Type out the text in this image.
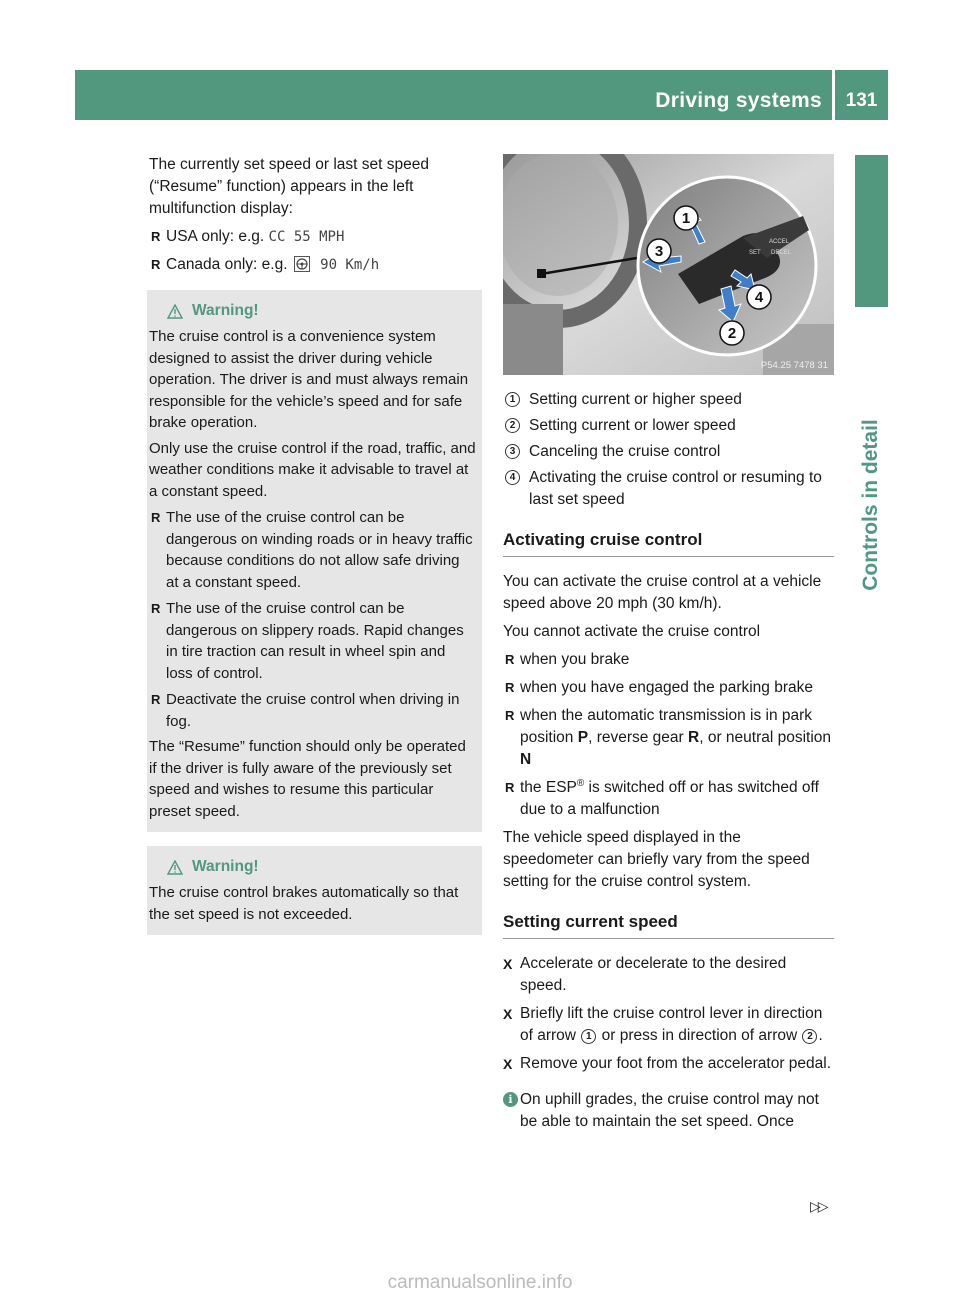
Driving systems	131
Controls in detail

The currently set speed or last set speed (“Resume” function) appears in the left multifunction display:

R USA only: e.g. CC 55 MPH
R Canada only: e.g. 90 Km/h
Warning!

The cruise control is a convenience system designed to assist the driver during vehicle operation. The driver is and must always remain responsible for the vehicle’s speed and for safe brake operation.

Only use the cruise control if the road, traffic, and weather conditions make it advisable to travel at a constant speed.

R The use of the cruise control can be dangerous on winding roads or in heavy traffic because conditions do not allow safe driving at a constant speed.
R The use of the cruise control can be dangerous on slippery roads. Rapid changes in tire traction can result in wheel spin and loss of control.
R Deactivate the cruise control when driving in fog.

The “Resume” function should only be operated if the driver is fully aware of the previously set speed and wishes to resume this particular preset speed.

Warning!

The cruise control brakes automatically so that the set speed is not exceeded.

SET
ACCEL
DECEL
1
3
4
2
P54.25 7478 31
1 Setting current or higher speed
2 Setting current or lower speed
3 Canceling the cruise control
4 Activating the cruise control or resuming to last set speed
Activating cruise control

You can activate the cruise control at a vehicle speed above 20 mph (30 km/h).

You cannot activate the cruise control

R when you brake
R when you have engaged the parking brake
R when the automatic transmission is in park position P, reverse gear R, or neutral position N
R the ESP® is switched off or has switched off due to a malfunction

The vehicle speed displayed in the speedometer can briefly vary from the speed setting for the cruise control system.

Setting current speed
X Accelerate or decelerate to the desired speed.
X Briefly lift the cruise control lever in direction of arrow 1 or press in direction of arrow 2 .
X Remove your foot from the accelerator pedal.
i On uphill grades, the cruise control may not be able to maintain the set speed. Once
▷▷
carmanualsonline.info
